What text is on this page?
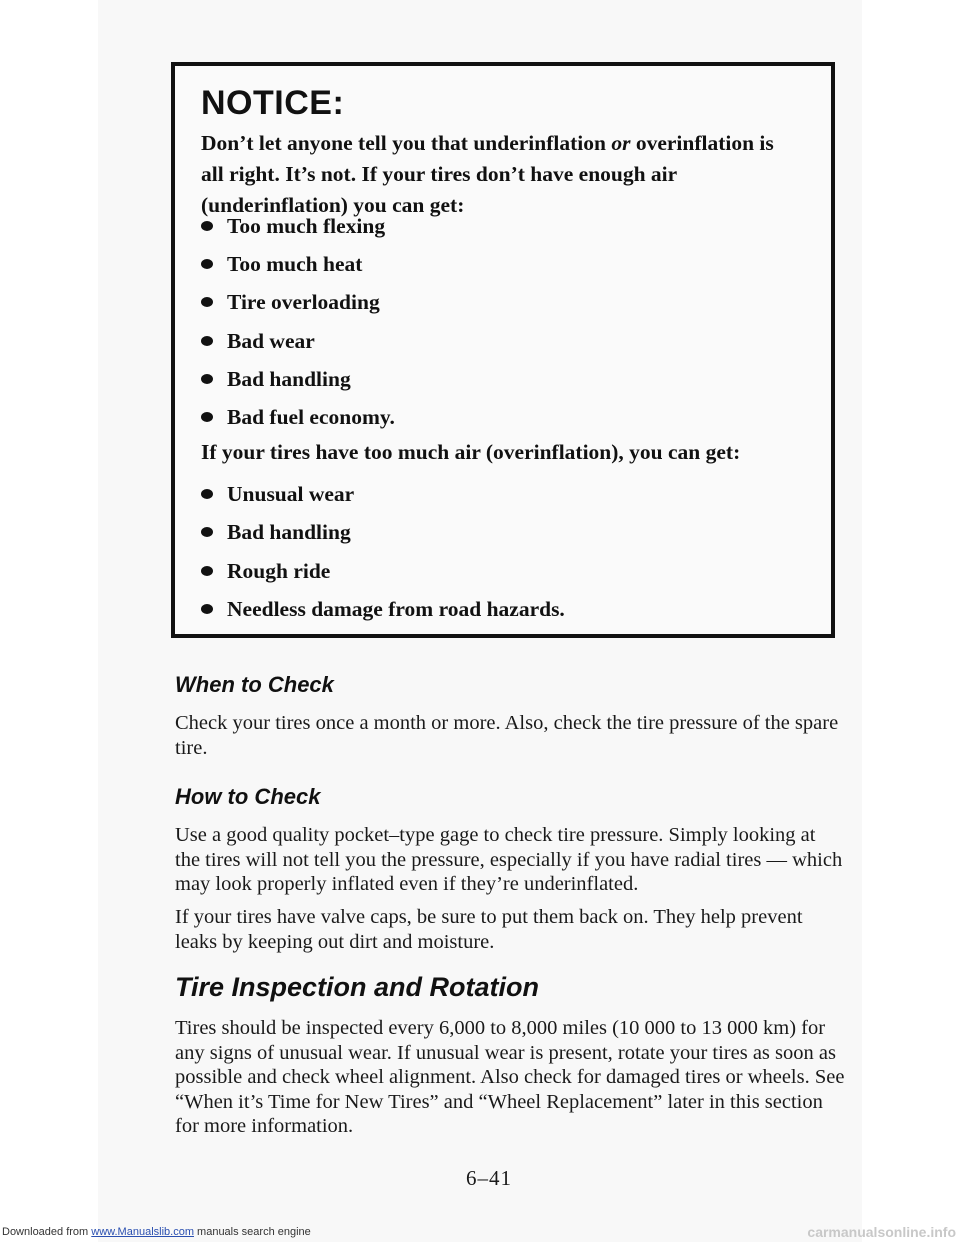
NOTICE:
Don’t let anyone tell you that underinflation or overinflation is all right. It’s not. If your tires don’t have enough air (underinflation) you can get:
Too much flexing
Too much heat
Tire overloading
Bad wear
Bad handling
Bad fuel economy.
If your tires have too much air (overinflation), you can get:
Unusual wear
Bad handling
Rough ride
Needless damage from road hazards.
When to Check
Check your tires once a month or more. Also, check the tire pressure of the spare tire.
How to Check
Use a good quality pocket–type gage to check tire pressure. Simply looking at the tires will not tell you the pressure, especially if you have radial tires — which may look properly inflated even if they’re underinflated.
If your tires have valve caps, be sure to put them back on. They help prevent leaks by keeping out dirt and moisture.
Tire Inspection and Rotation
Tires should be inspected every 6,000 to 8,000 miles (10 000 to 13 000 km) for any signs of unusual wear. If unusual wear is present, rotate your tires as soon as possible and check wheel alignment. Also check for damaged tires or wheels. See “When it’s Time for New Tires” and “Wheel Replacement” later in this section for more information.
6–41
Downloaded from www.Manualslib.com manuals search engine	carmanualsonline.info
